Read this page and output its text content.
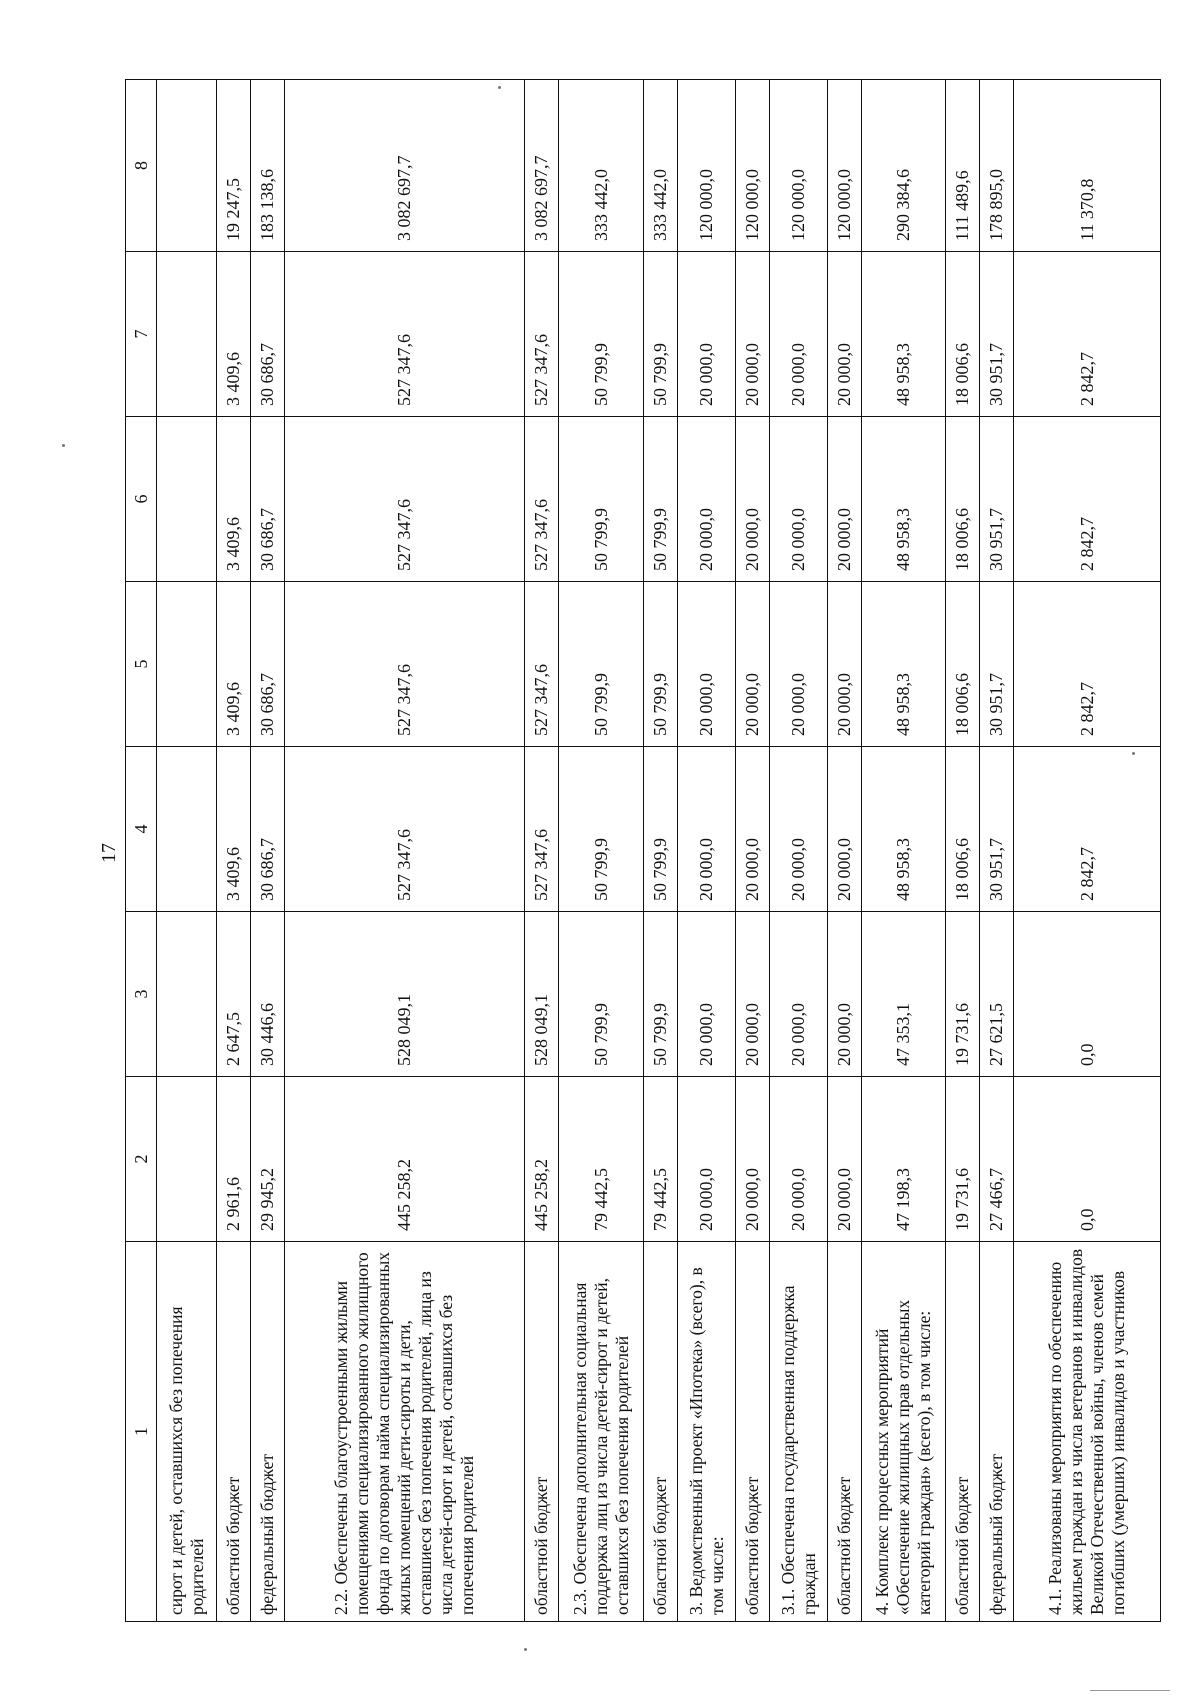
17
1	2	3	4	5	6	7	8
сирот и детей, оставшихся без попечения родителей							
областной бюджет	2 961,6	2 647,5	3 409,6	3 409,6	3 409,6	3 409,6	19 247,5
федеральный бюджет	29 945,2	30 446,6	30 686,7	30 686,7	30 686,7	30 686,7	183 138,6
2.2. Обеспечены благоустроенными жилыми помещениями специализированного жилищного фонда по договорам найма специализированных жилых помещений дети-сироты и дети, оставшиеся без попечения родителей, лица из числа детей-сирот и детей, оставшихся без попечения родителей	445 258,2	528 049,1	527 347,6	527 347,6	527 347,6	527 347,6	3 082 697,7
областной бюджет	445 258,2	528 049,1	527 347,6	527 347,6	527 347,6	527 347,6	3 082 697,7
2.3. Обеспечена дополнительная социальная поддержка лиц из числа детей-сирот и детей, оставшихся без попечения родителей	79 442,5	50 799,9	50 799,9	50 799,9	50 799,9	50 799,9	333 442,0
областной бюджет	79 442,5	50 799,9	50 799,9	50 799,9	50 799,9	50 799,9	333 442,0
3. Ведомственный проект «Ипотека» (всего), в том числе:	20 000,0	20 000,0	20 000,0	20 000,0	20 000,0	20 000,0	120 000,0
областной бюджет	20 000,0	20 000,0	20 000,0	20 000,0	20 000,0	20 000,0	120 000,0
3.1. Обеспечена государственная поддержка граждан	20 000,0	20 000,0	20 000,0	20 000,0	20 000,0	20 000,0	120 000,0
областной бюджет	20 000,0	20 000,0	20 000,0	20 000,0	20 000,0	20 000,0	120 000,0
4. Комплекс процессных мероприятий «Обеспечение жилищных прав отдельных категорий граждан» (всего), в том числе:	47 198,3	47 353,1	48 958,3	48 958,3	48 958,3	48 958,3	290 384,6
областной бюджет	19 731,6	19 731,6	18 006,6	18 006,6	18 006,6	18 006,6	111 489,6
федеральный бюджет	27 466,7	27 621,5	30 951,7	30 951,7	30 951,7	30 951,7	178 895,0
4.1. Реализованы мероприятия по обеспечению жильем граждан из числа ветеранов и инвалидов Великой Отечественной войны, членов семей погибших (умерших) инвалидов и участников	0,0	0,0	2 842,7	2 842,7	2 842,7	2 842,7	11 370,8
